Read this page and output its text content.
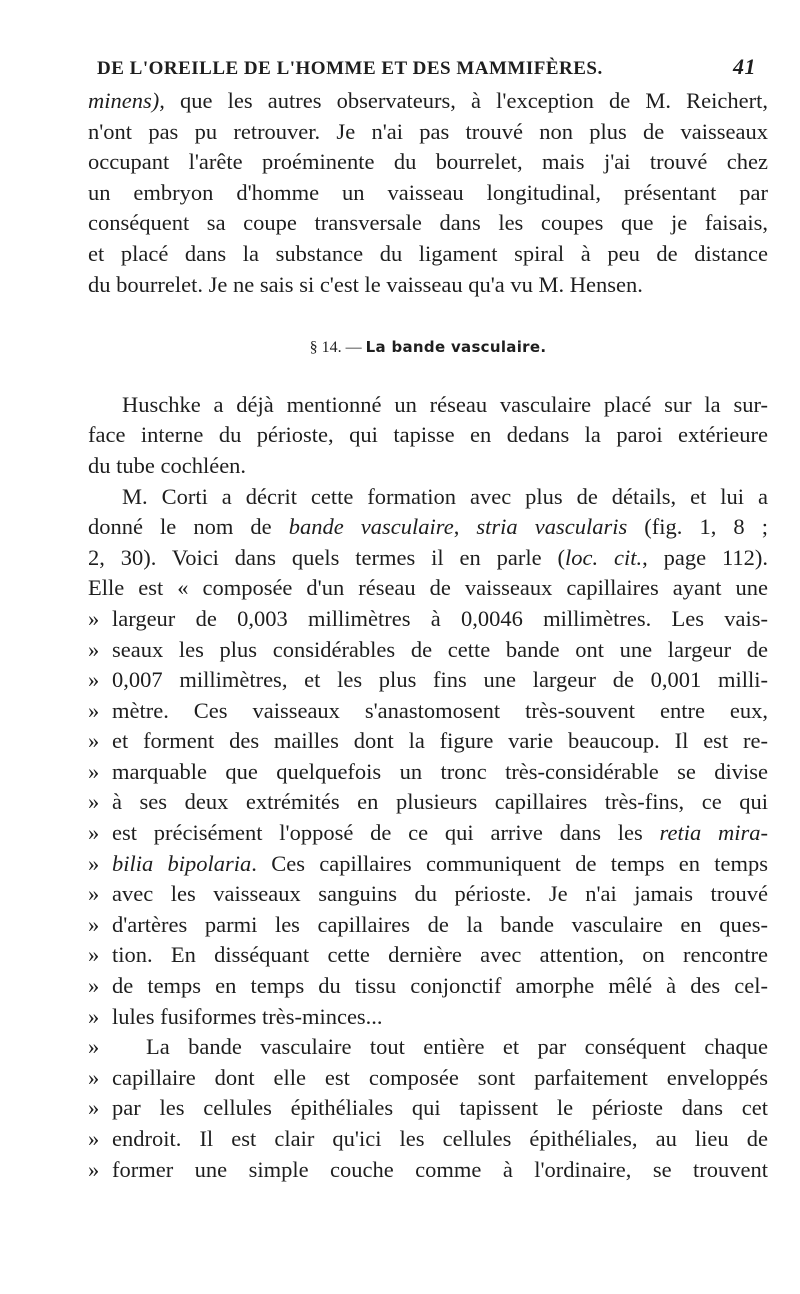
DE L'OREILLE DE L'HOMME ET DES MAMMIFÈRES.	41
minens), que les autres observateurs, à l'exception de M. Reichert,
n'ont pas pu retrouver. Je n'ai pas trouvé non plus de vaisseaux
occupant l'arête proéminente du bourrelet, mais j'ai trouvé chez
un embryon d'homme un vaisseau longitudinal, présentant par
conséquent sa coupe transversale dans les coupes que je faisais,
et placé dans la substance du ligament spiral à peu de distance
du bourrelet. Je ne sais si c'est le vaisseau qu'a vu M. Hensen.
§ 14. — La bande vasculaire.
Huschke a déjà mentionné un réseau vasculaire placé sur la sur-
face interne du périoste, qui tapisse en dedans la paroi extérieure
du tube cochléen.
M. Corti a décrit cette formation avec plus de détails, et lui a
donné le nom de bande vasculaire, stria vascularis (fig. 1, 8 ;
2, 30). Voici dans quels termes il en parle (loc. cit., page 112).
Elle est « composée d'un réseau de vaisseaux capillaires ayant une
» largeur de 0,003 millimètres à 0,0046 millimètres. Les vais-
» seaux les plus considérables de cette bande ont une largeur de
» 0,007 millimètres, et les plus fins une largeur de 0,001 milli-
» mètre. Ces vaisseaux s'anastomosent très-souvent entre eux,
» et forment des mailles dont la figure varie beaucoup. Il est re-
» marquable que quelquefois un tronc très-considérable se divise
» à ses deux extrémités en plusieurs capillaires très-fins, ce qui
» est précisément l'opposé de ce qui arrive dans les retia mira-
» bilia bipolaria. Ces capillaires communiquent de temps en temps
» avec les vaisseaux sanguins du périoste. Je n'ai jamais trouvé
» d'artères parmi les capillaires de la bande vasculaire en ques-
» tion. En disséquant cette dernière avec attention, on rencontre
» de temps en temps du tissu conjonctif amorphe mêlé à des cel-
» lules fusiformes très-minces...
» La bande vasculaire tout entière et par conséquent chaque
» capillaire dont elle est composée sont parfaitement enveloppés
» par les cellules épithéliales qui tapissent le périoste dans cet
» endroit. Il est clair qu'ici les cellules épithéliales, au lieu de
» former une simple couche comme à l'ordinaire, se trouvent
